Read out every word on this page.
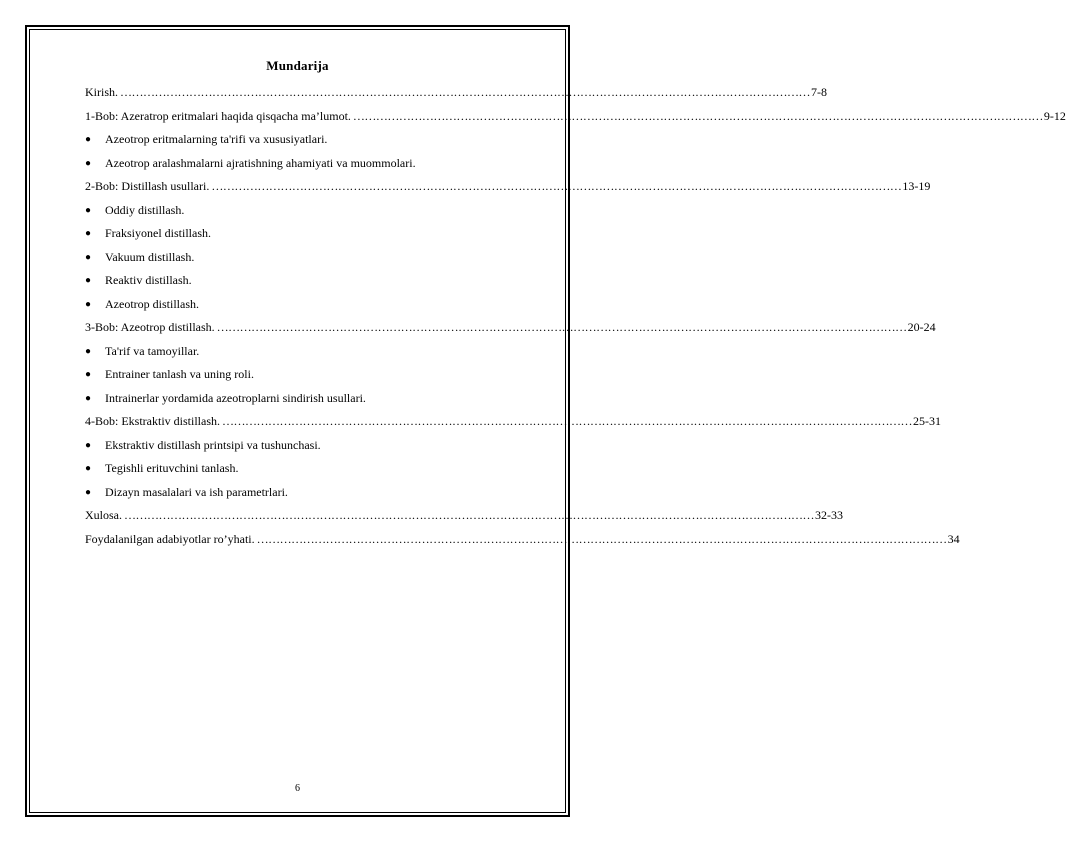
Mundarija
Kirish. ……………………………………………………………………………………………………………………………………………………………… 7-8
1-Bob: Azeratrop eritmalari haqida qisqacha ma’lumot. ……………………………………………………………………………………………………………………………………………………………… 9-12
●	Azeotrop eritmalarning ta'rifi va xususiyatlari.
●	Azeotrop aralashmalarni ajratishning ahamiyati va muommolari.
2-Bob: Distillash usullari. ……………………………………………………………………………………………………………………………………………………………… 13-19
●	Oddiy distillash.
●	Fraksiyonel distillash.
●	Vakuum distillash.
●	Reaktiv distillash.
●	Azeotrop distillash.
3-Bob: Azeotrop distillash. ……………………………………………………………………………………………………………………………………………………………… 20-24
●	Ta'rif va tamoyillar.
●	Entrainer tanlash va uning roli.
●	Intrainerlar yordamida azeotroplarni sindirish usullari.
4-Bob: Ekstraktiv distillash. ……………………………………………………………………………………………………………………………………………………………… 25-31
●	Ekstraktiv distillash printsipi va tushunchasi.
●	Tegishli erituvchini tanlash.
●	Dizayn masalalari va ish parametrlari.
Xulosa. ……………………………………………………………………………………………………………………………………………………………… 32-33
Foydalanilgan adabiyotlar ro’yhati. ……………………………………………………………………………………………………………………………………………………………… 34
6
